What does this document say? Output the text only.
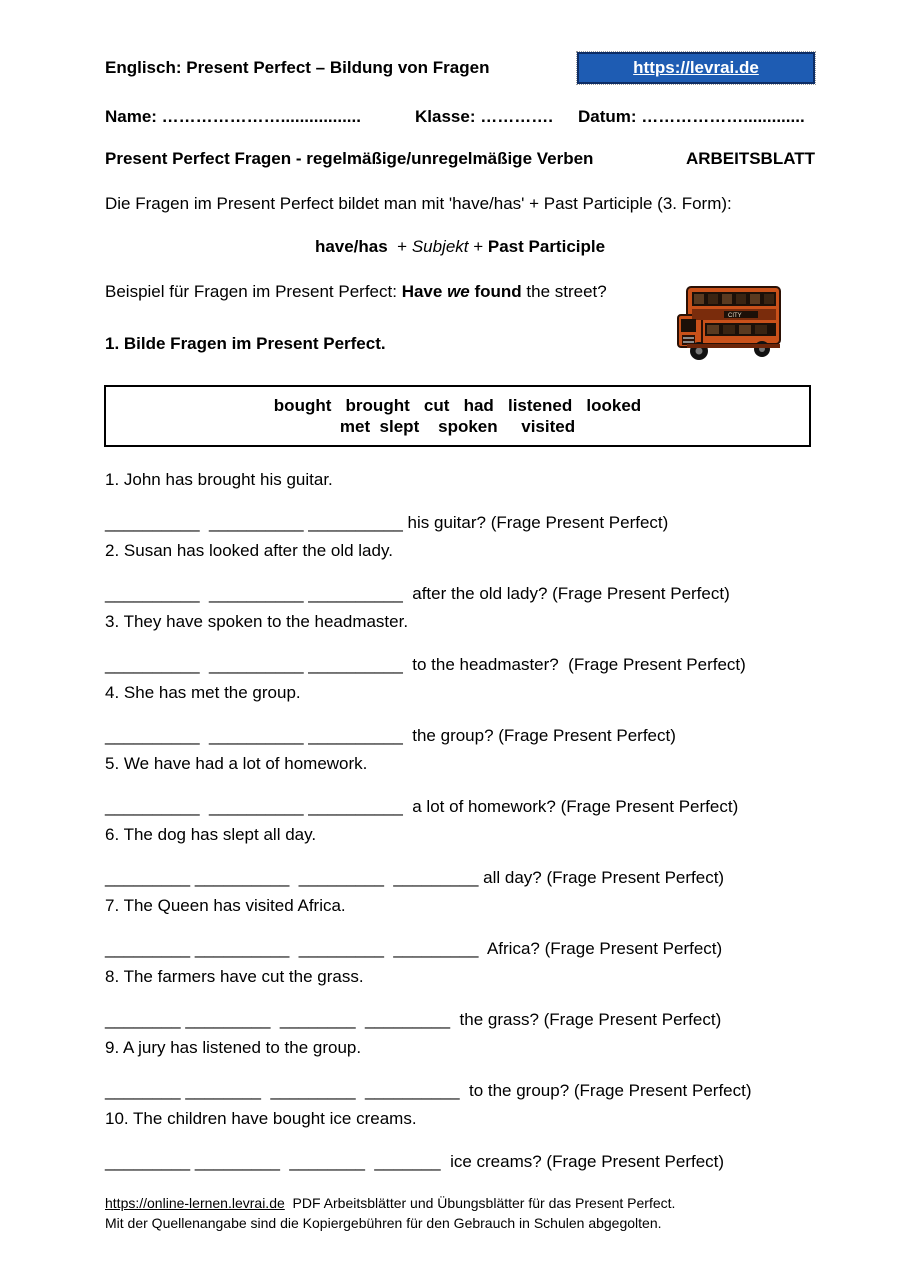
Englisch: Present Perfect – Bildung von Fragen	https://levrai.de
Name: ………………….................	Klasse: ………….	Datum: ……………….............
Present Perfect Fragen - regelmäßige/unregelmäßige Verben	ARBEITSBLATT

Die Fragen im Present Perfect bildet man mit 'have/has' + Past Participle (3. Form):

have/has  + Subjekt + Past Participle

Beispiel für Fragen im Present Perfect: Have we found the street?

1. Bilde Fragen im Present Perfect.

CITY

bought   brought   cut   had   listened   looked

met  slept    spoken     visited

1. John has brought his guitar.

__________  __________ __________ his guitar? (Frage Present Perfect)

2. Susan has looked after the old lady.

__________  __________ __________  after the old lady? (Frage Present Perfect)

3. They have spoken to the headmaster.

__________  __________ __________  to the headmaster?  (Frage Present Perfect)

4. She has met the group.

__________  __________ __________  the group? (Frage Present Perfect)

5. We have had a lot of homework.

__________  __________ __________  a lot of homework? (Frage Present Perfect)

6. The dog has slept all day.

_________ __________  _________  _________ all day? (Frage Present Perfect)

7. The Queen has visited Africa.

_________ __________  _________  _________  Africa? (Frage Present Perfect)

8. The farmers have cut the grass.

________ _________  ________  _________  the grass? (Frage Present Perfect)

9. A jury has listened to the group.

________ ________  _________  __________  to the group? (Frage Present Perfect)

10. The children have bought ice creams.

_________ _________  ________  _______  ice creams? (Frage Present Perfect)

https://online-lernen.levrai.de  PDF Arbeitsblätter und Übungsblätter für das Present Perfect.

Mit der Quellenangabe sind die Kopiergebühren für den Gebrauch in Schulen abgegolten.
